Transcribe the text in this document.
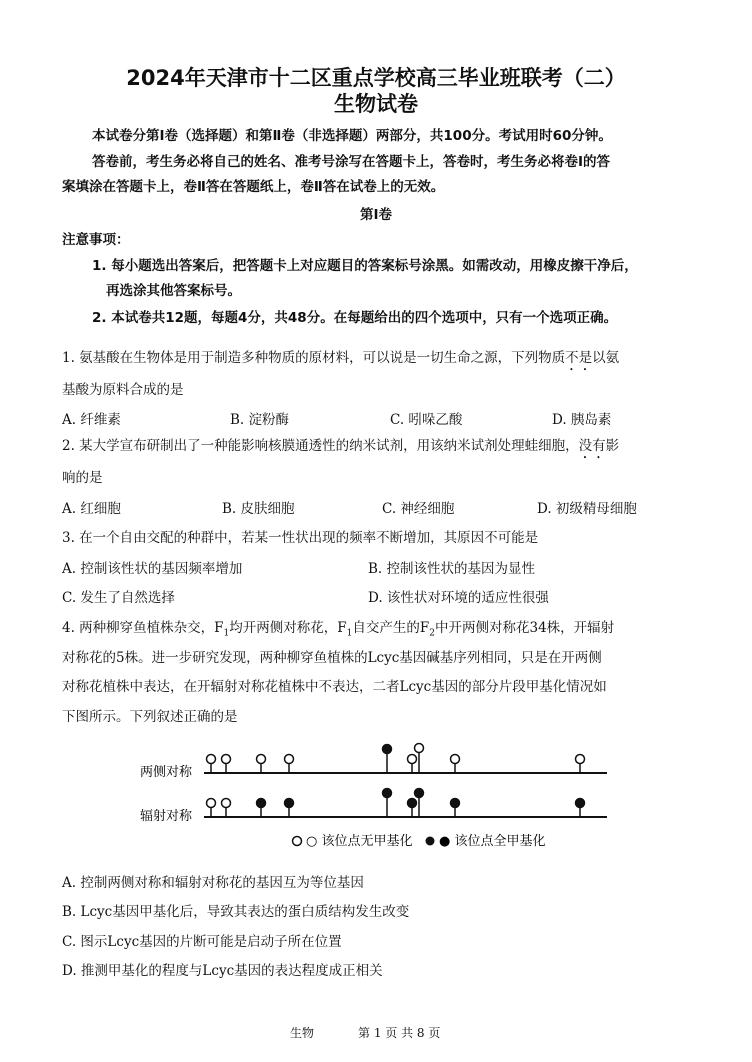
2024年天津市十二区重点学校高三毕业班联考（二）
生物试卷
本试卷分第Ⅰ卷（选择题）和第Ⅱ卷（非选择题）两部分，共100分。考试用时60分钟。
答卷前，考生务必将自己的姓名、准考号涂写在答题卡上，答卷时，考生务必将卷Ⅰ的答
案填涂在答题卡上，卷Ⅱ答在答题纸上，卷Ⅱ答在试卷上的无效。
第Ⅰ卷
注意事项：
1. 每小题选出答案后，把答题卡上对应题目的答案标号涂黑。如需改动，用橡皮擦干净后，
再选涂其他答案标号。
2. 本试卷共12题，每题4分，共48分。在每题给出的四个选项中，只有一个选项正确。
1. 氨基酸在生物体是用于制造多种物质的原材料，可以说是一切生命之源，下列物质不是以氨
基酸为原料合成的是
A. 纤维素	B. 淀粉酶	C. 吲哚乙酸	D. 胰岛素
2. 某大学宣布研制出了一种能影响核膜通透性的纳米试剂，用该纳米试剂处理蛙细胞，没有影
响的是
A. 红细胞	B. 皮肤细胞	C. 神经细胞	D. 初级精母细胞
3. 在一个自由交配的种群中，若某一性状出现的频率不断增加，其原因不可能是
A. 控制该性状的基因频率增加	B. 控制该性状的基因为显性
C. 发生了自然选择	D. 该性状对环境的适应性很强
4. 两种柳穿鱼植株杂交，$F_1$均开两侧对称花，$F_1$自交产生的$F_2$中开两侧对称花34株，开辐射
对称花的5株。进一步研究发现，两种柳穿鱼植株的Lcyc基因碱基序列相同，只是在开两侧
对称花植株中表达，在开辐射对称花植株中不表达，二者Lcyc基因的部分片段甲基化情况如
下图所示。下列叙述正确的是
两侧对称
辐射对称
○ 该位点无甲基化 ● 该位点全甲基化
A. 控制两侧对称和辐射对称花的基因互为等位基因
B. Lcyc基因甲基化后，导致其表达的蛋白质结构发生改变
C. 图示Lcyc基因的片断可能是启动子所在位置
D. 推测甲基化的程度与Lcyc基因的表达程度成正相关
生物	第 1 页 共 8 页
